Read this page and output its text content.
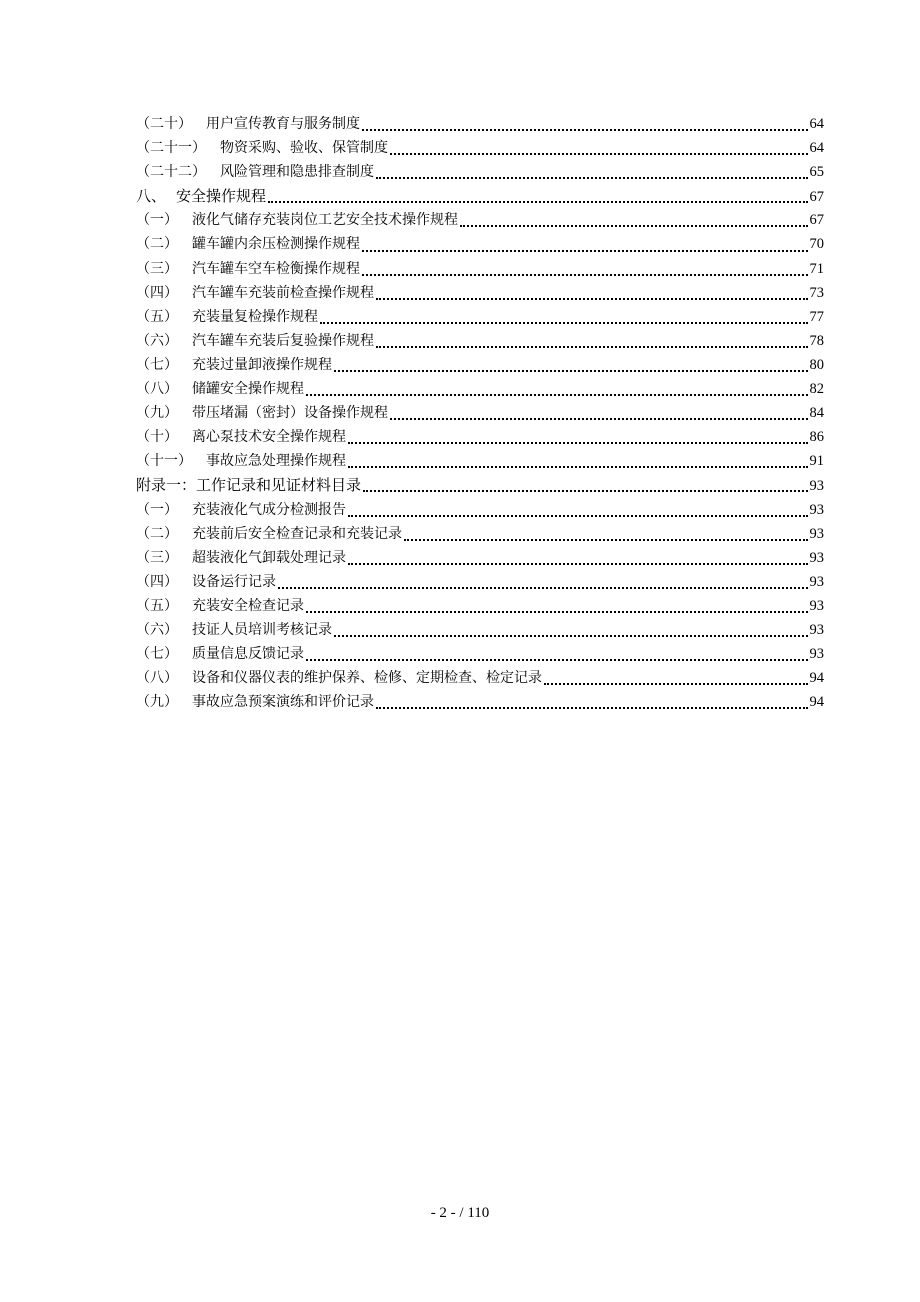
（二十）	用户宣传教育与服务制度	64
（二十一）	物资采购、验收、保管制度	64
（二十二）	风险管理和隐患排查制度	65
八、 安全操作规程	67
（一）	液化气储存充装岗位工艺安全技术操作规程	67
（二）	罐车罐内余压检测操作规程	70
（三）	汽车罐车空车检衡操作规程	71
（四）	汽车罐车充装前检查操作规程	73
（五）	充装量复检操作规程	77
（六）	汽车罐车充装后复验操作规程	78
（七）	充装过量卸液操作规程	80
（八）	储罐安全操作规程	82
（九）	带压堵漏（密封）设备操作规程	84
（十）	离心泵技术安全操作规程	86
（十一）	事故应急处理操作规程	91
附录一：工作记录和见证材料目录	93
（一）	充装液化气成分检测报告	93
（二）	充装前后安全检查记录和充装记录	93
（三）	超装液化气卸载处理记录	93
（四）	设备运行记录	93
（五）	充装安全检查记录	93
（六）	技证人员培训考核记录	93
（七）	质量信息反馈记录	93
（八）	设备和仪器仪表的维护保养、检修、定期检查、检定记录	94
（九）	事故应急预案演练和评价记录	94
- 2 - / 110
